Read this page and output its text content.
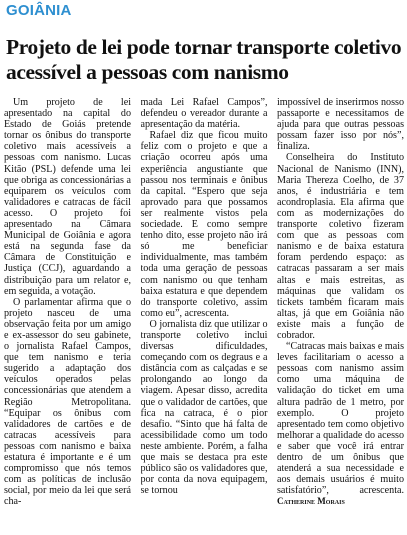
GOIÂNIA
Projeto de lei pode tornar transporte coletivo acessível a pessoas com nanismo

Um projeto de lei apresentado na capital do Estado de Goiás pretende tornar os ônibus do transporte coletivo mais acessíveis a pessoas com nanismo. Lucas Kitão (PSL) defende uma lei que obriga as concessionárias a equiparem os veículos com validadores e catracas de fácil acesso. O projeto foi apresentado na Câmara Municipal de Goiânia e agora está na segunda fase da Câmara de Constituição e Justiça (CCJ), aguardando a distribuição para um relator e, em seguida, a votação.

O parlamentar afirma que o projeto nasceu de uma observação feita por um amigo e ex-assessor do seu gabinete, o jornalista Rafael Campos, que tem nanismo e teria sugerido a adaptação dos veículos operados pelas concessionárias que atendem a Região Metropolitana. “Equipar os ônibus com validadores de cartões e de catracas acessíveis para pessoas com nanismo e baixa estatura é importante e é um compromisso que nós temos com as políticas de inclusão social, por meio da lei que será cha-

mada Lei Rafael Campos”, defendeu o vereador durante a apresentação da matéria.

Rafael diz que ficou muito feliz com o projeto e que a criação ocorreu após uma experiência angustiante que passou nos terminais e ônibus da capital. “Espero que seja aprovado para que possamos ser realmente vistos pela sociedade. E como sempre tenho dito, esse projeto não irá só me beneficiar individualmente, mas também toda uma geração de pessoas com nanismo ou que tenham baixa estatura e que dependem do transporte coletivo, assim como eu”, acrescenta.

O jornalista diz que utilizar o transporte coletivo inclui diversas dificuldades, começando com os degraus e a distância com as calçadas e se prolongando ao longo da viagem. Apesar disso, acredita que o validador de cartões, que fica na catraca, é o pior desafio. “Sinto que há falta de acessibilidade como um todo neste ambiente. Porém, a falha que mais se destaca pra este público são os validadores que, por conta da nova equipagem, se tornou

impossível de inserirmos nosso passaporte e necessitamos de ajuda para que outras pessoas possam fazer isso por nós”, finaliza.

Conselheira do Instituto Nacional de Nanismo (INN), Maria Thereza Coelho, de 37 anos, é industriária e tem acondroplasia. Ela afirma que com as modernizações do transporte coletivo fizeram com que as pessoas com nanismo e de baixa estatura foram perdendo espaço: as catracas passaram a ser mais altas e mais estreitas, as máquinas que validam os tickets também ficaram mais altas, já que em Goiânia não existe mais a função de cobrador.

“Catracas mais baixas e mais leves facilitariam o acesso a pessoas com nanismo assim como uma máquina de validação do ticket em uma altura padrão de 1 metro, por exemplo. O projeto apresentado tem como objetivo melhorar a qualidade do acesso e saber que você irá entrar dentro de um ônibus que atenderá a sua necessidade e aos demais usuários é muito satisfatório”, acrescenta. Catherine Morais
